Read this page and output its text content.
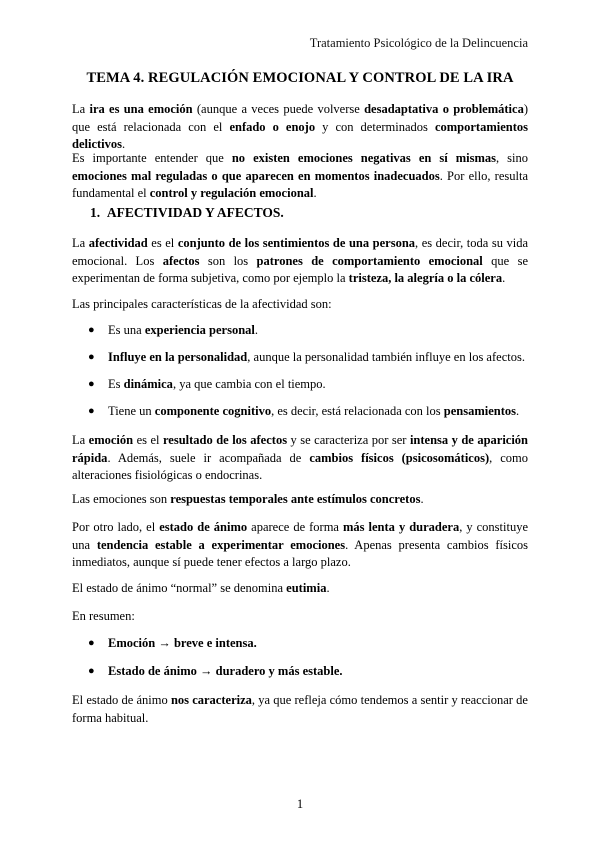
Tratamiento Psicológico de la Delincuencia
TEMA 4. REGULACIÓN EMOCIONAL Y CONTROL DE LA IRA

La ira es una emoción (aunque a veces puede volverse desadaptativa o problemática) que está relacionada con el enfado o enojo y con determinados comportamientos delictivos.

Es importante entender que no existen emociones negativas en sí mismas, sino emociones mal reguladas o que aparecen en momentos inadecuados. Por ello, resulta fundamental el control y regulación emocional.

1. AFECTIVIDAD Y AFECTOS.

La afectividad es el conjunto de los sentimientos de una persona, es decir, toda su vida emocional. Los afectos son los patrones de comportamiento emocional que se experimentan de forma subjetiva, como por ejemplo la tristeza, la alegría o la cólera.

Las principales características de la afectividad son:

● Es una experiencia personal.
● Influye en la personalidad, aunque la personalidad también influye en los afectos.
● Es dinámica, ya que cambia con el tiempo.
● Tiene un componente cognitivo, es decir, está relacionada con los pensamientos.

La emoción es el resultado de los afectos y se caracteriza por ser intensa y de aparición rápida. Además, suele ir acompañada de cambios físicos (psicosomáticos), como alteraciones fisiológicas o endocrinas.

Las emociones son respuestas temporales ante estímulos concretos.

Por otro lado, el estado de ánimo aparece de forma más lenta y duradera, y constituye una tendencia estable a experimentar emociones. Apenas presenta cambios físicos inmediatos, aunque sí puede tener efectos a largo plazo.

El estado de ánimo “normal” se denomina eutimia.

En resumen:

● Emoción → breve e intensa.
● Estado de ánimo → duradero y más estable.

El estado de ánimo nos caracteriza, ya que refleja cómo tendemos a sentir y reaccionar de forma habitual.

1
